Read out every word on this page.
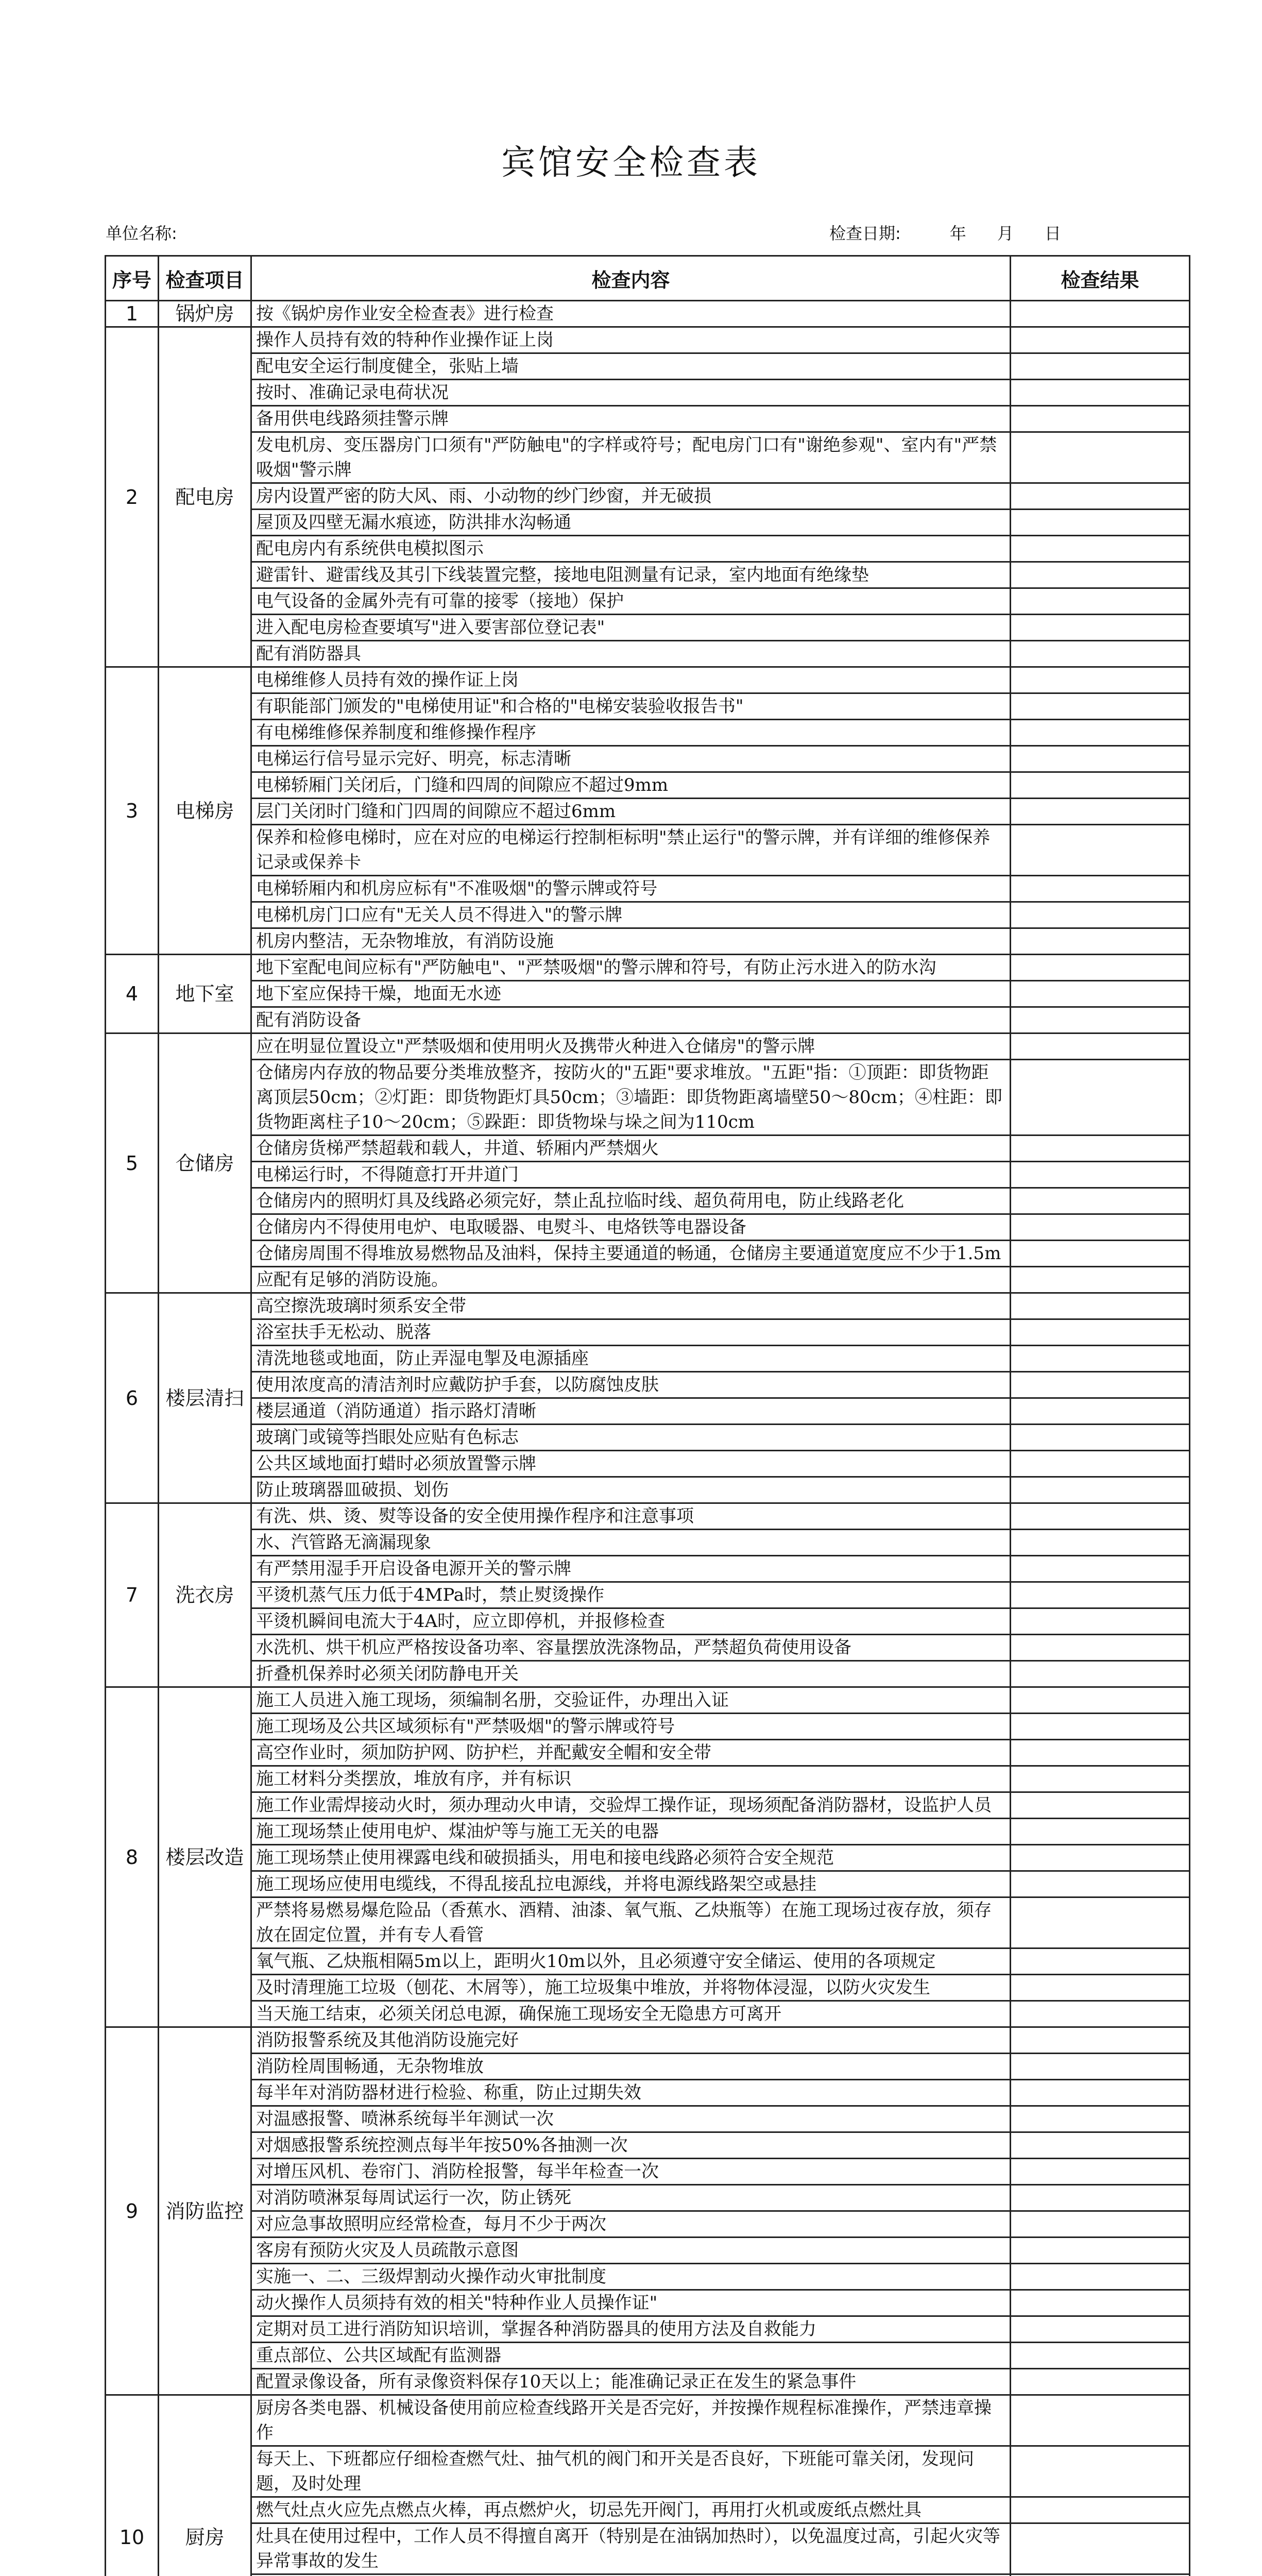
宾馆安全检查表
单位名称:	检查日期:	年 月 日
序号	检查项目	检查内容	检查结果
1	锅炉房	按《锅炉房作业安全检查表》进行检查	
2	配电房	操作人员持有效的特种作业操作证上岗	
		配电安全运行制度健全，张贴上墙	
		按时、准确记录电荷状况	
		备用供电线路须挂警示牌	
		发电机房、变压器房门口须有"严防触电"的字样或符号；配电房门口有"谢绝参观"、室内有"严禁吸烟"警示牌	
		房内设置严密的防大风、雨、小动物的纱门纱窗，并无破损	
		屋顶及四壁无漏水痕迹，防洪排水沟畅通	
		配电房内有系统供电模拟图示	
		避雷针、避雷线及其引下线装置完整，接地电阻测量有记录，室内地面有绝缘垫	
		电气设备的金属外壳有可靠的接零（接地）保护	
		进入配电房检查要填写"进入要害部位登记表"	
		配有消防器具	
3	电梯房	电梯维修人员持有效的操作证上岗	
		有职能部门颁发的"电梯使用证"和合格的"电梯安装验收报告书"	
		有电梯维修保养制度和维修操作程序	
		电梯运行信号显示完好、明亮，标志清晰	
		电梯轿厢门关闭后，门缝和四周的间隙应不超过9mm	
		层门关闭时门缝和门四周的间隙应不超过6mm	
		保养和检修电梯时，应在对应的电梯运行控制柜标明"禁止运行"的警示牌，并有详细的维修保养记录或保养卡	
		电梯轿厢内和机房应标有"不准吸烟"的警示牌或符号	
		电梯机房门口应有"无关人员不得进入"的警示牌	
		机房内整洁，无杂物堆放，有消防设施	
4	地下室	地下室配电间应标有"严防触电"、"严禁吸烟"的警示牌和符号，有防止污水进入的防水沟	
		地下室应保持干燥，地面无水迹	
		配有消防设备	
5	仓储房	应在明显位置设立"严禁吸烟和使用明火及携带火种进入仓储房"的警示牌	
		仓储房内存放的物品要分类堆放整齐，按防火的"五距"要求堆放。"五距"指：①顶距：即货物距离顶层50cm；②灯距：即货物距灯具50cm；③墙距：即货物距离墙壁50～80cm；④柱距：即货物距离柱子10～20cm；⑤跺距：即货物垛与垛之间为110cm	
		仓储房货梯严禁超载和载人，井道、轿厢内严禁烟火	
		电梯运行时，不得随意打开井道门	
		仓储房内的照明灯具及线路必须完好，禁止乱拉临时线、超负荷用电，防止线路老化	
		仓储房内不得使用电炉、电取暖器、电熨斗、电烙铁等电器设备	
		仓储房周围不得堆放易燃物品及油料，保持主要通道的畅通，仓储房主要通道宽度应不少于1.5m	
		应配有足够的消防设施。	
6	楼层清扫	高空擦洗玻璃时须系安全带	
		浴室扶手无松动、脱落	
		清洗地毯或地面，防止弄湿电掣及电源插座	
		使用浓度高的清洁剂时应戴防护手套，以防腐蚀皮肤	
		楼层通道（消防通道）指示路灯清晰	
		玻璃门或镜等挡眼处应贴有色标志	
		公共区域地面打蜡时必须放置警示牌	
		防止玻璃器皿破损、划伤	
7	洗衣房	有洗、烘、烫、熨等设备的安全使用操作程序和注意事项	
		水、汽管路无滴漏现象	
		有严禁用湿手开启设备电源开关的警示牌	
		平烫机蒸气压力低于4MPa时，禁止熨烫操作	
		平烫机瞬间电流大于4A时，应立即停机，并报修检查	
		水洗机、烘干机应严格按设备功率、容量摆放洗涤物品，严禁超负荷使用设备	
		折叠机保养时必须关闭防静电开关	
8	楼层改造	施工人员进入施工现场，须编制名册，交验证件，办理出入证	
		施工现场及公共区域须标有"严禁吸烟"的警示牌或符号	
		高空作业时，须加防护网、防护栏，并配戴安全帽和安全带	
		施工材料分类摆放，堆放有序，并有标识	
		施工作业需焊接动火时，须办理动火申请，交验焊工操作证，现场须配备消防器材，设监护人员	
		施工现场禁止使用电炉、煤油炉等与施工无关的电器	
		施工现场禁止使用裸露电线和破损插头，用电和接电线路必须符合安全规范	
		施工现场应使用电缆线，不得乱接乱拉电源线，并将电源线路架空或悬挂	
		严禁将易燃易爆危险品（香蕉水、酒精、油漆、氧气瓶、乙炔瓶等）在施工现场过夜存放，须存放在固定位置，并有专人看管	
		氧气瓶、乙炔瓶相隔5m以上，距明火10m以外，且必须遵守安全储运、使用的各项规定	
		及时清理施工垃圾（刨花、木屑等），施工垃圾集中堆放，并将物体浸湿，以防火灾发生	
		当天施工结束，必须关闭总电源，确保施工现场安全无隐患方可离开	
9	消防监控	消防报警系统及其他消防设施完好	
		消防栓周围畅通，无杂物堆放	
		每半年对消防器材进行检验、称重，防止过期失效	
		对温感报警、喷淋系统每半年测试一次	
		对烟感报警系统控测点每半年按50%各抽测一次	
		对增压风机、卷帘门、消防栓报警，每半年检查一次	
		对消防喷淋泵每周试运行一次，防止锈死	
		对应急事故照明应经常检查，每月不少于两次	
		客房有预防火灾及人员疏散示意图	
		实施一、二、三级焊割动火操作动火审批制度	
		动火操作人员须持有效的相关"特种作业人员操作证"	
		定期对员工进行消防知识培训，掌握各种消防器具的使用方法及自救能力	
		重点部位、公共区域配有监测器	
		配置录像设备，所有录像资料保存10天以上；能准确记录正在发生的紧急事件	
10	厨房	厨房各类电器、机械设备使用前应检查线路开关是否完好，并按操作规程标准操作，严禁违章操作	
		每天上、下班都应仔细检查燃气灶、抽气机的阀门和开关是否良好，下班能可靠关闭，发现问题，及时处理	
		燃气灶点火应先点燃点火棒，再点燃炉火，切忌先开阀门，再用打火机或废纸点燃灶具	
		灶具在使用过程中，工作人员不得擅自离开（特别是在油锅加热时），以免温度过高，引起火灾等异常事故的发生	
